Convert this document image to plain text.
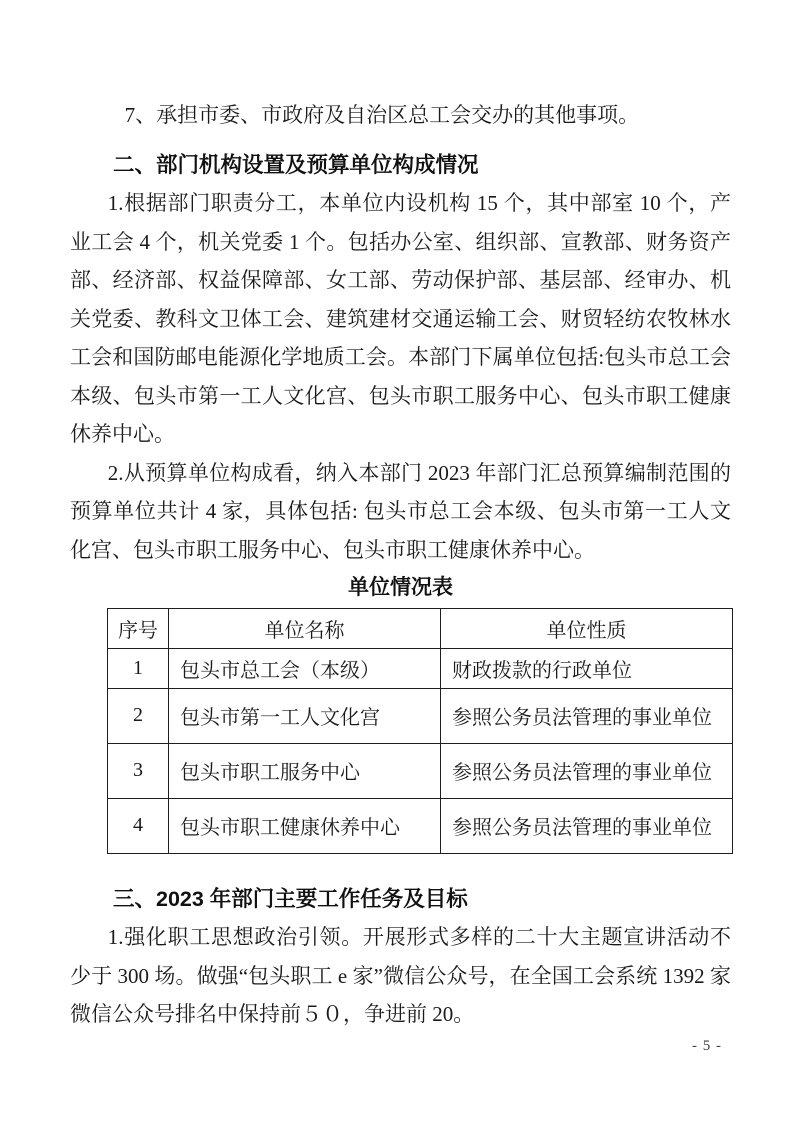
7、承担市委、市政府及自治区总工会交办的其他事项。

二、部门机构设置及预算单位构成情况

1.根据部门职责分工，本单位内设机构 15 个，其中部室 10 个，产业工会 4 个，机关党委 1 个。包括办公室、组织部、宣教部、财务资产部、经济部、权益保障部、女工部、劳动保护部、基层部、经审办、机关党委、教科文卫体工会、建筑建材交通运输工会、财贸轻纺农牧林水工会和国防邮电能源化学地质工会。本部门下属单位包括:包头市总工会本级、包头市第一工人文化宫、包头市职工服务中心、包头市职工健康休养中心。

2.从预算单位构成看，纳入本部门 2023 年部门汇总预算编制范围的预算单位共计 4 家，具体包括: 包头市总工会本级、包头市第一工人文化宫、包头市职工服务中心、包头市职工健康休养中心。

单位情况表
序号	单位名称	单位性质
1	包头市总工会（本级）	财政拨款的行政单位
2	包头市第一工人文化宫	参照公务员法管理的事业单位
3	包头市职工服务中心	参照公务员法管理的事业单位
4	包头市职工健康休养中心	参照公务员法管理的事业单位
三、2023 年部门主要工作任务及目标

1.强化职工思想政治引领。开展形式多样的二十大主题宣讲活动不少于 300 场。做强“包头职工 e 家”微信公众号，在全国工会系统 1392 家微信公众号排名中保持前５０，争进前 20。

- 5 -
